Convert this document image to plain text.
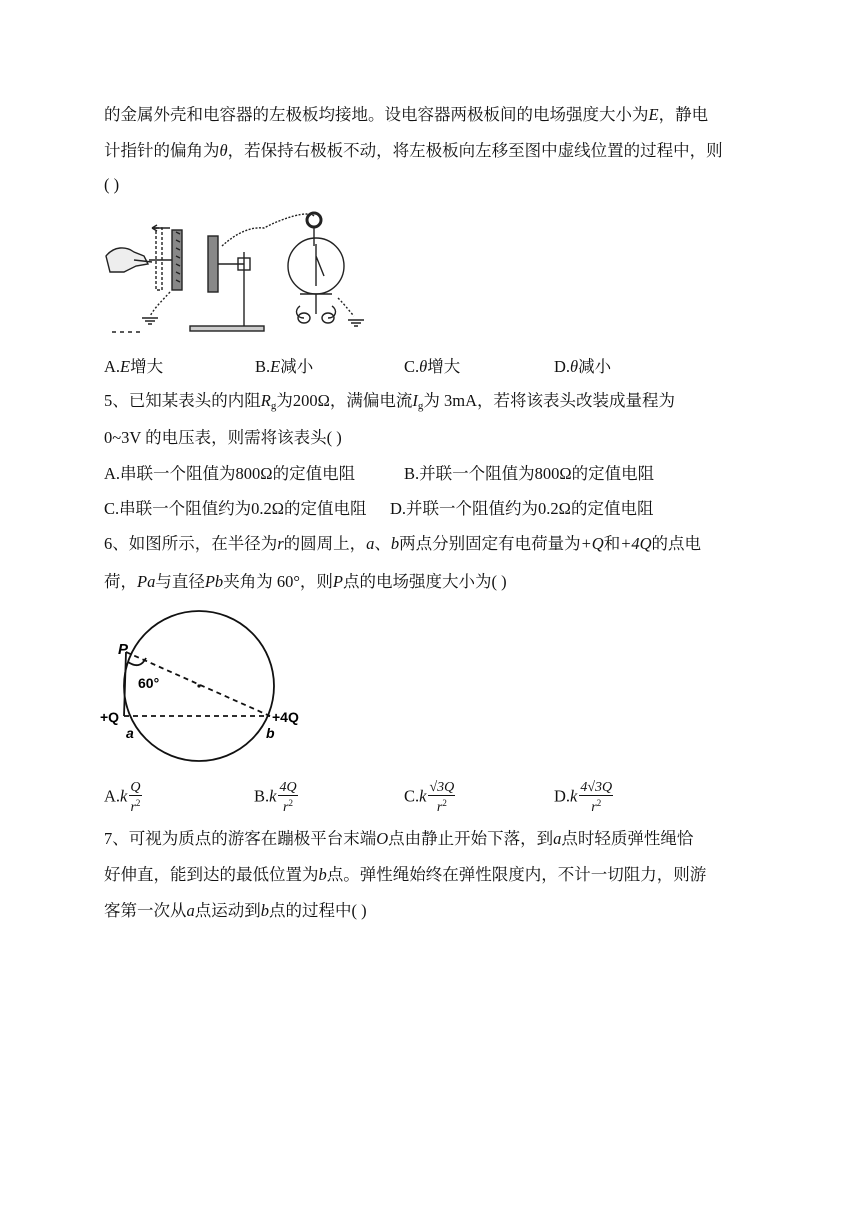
的金属外壳和电容器的左极板均接地。设电容器两极板间的电场强度大小为E，静电
计指针的偏角为θ，若保持右极板不动，将左极板向左移至图中虚线位置的过程中，则
( )
A.E增大	B.E减小	C.θ增大	D.θ减小
5、已知某表头的内阻$R_g$为200Ω，满偏电流$I_g$为 3mA，若将该表头改装成量程为
0~3V 的电压表，则需将该表头( )
A.串联一个阻值为800Ω的定值电阻	B.并联一个阻值为800Ω的定值电阻
C.串联一个阻值约为0.2Ω的定值电阻 D.并联一个阻值约为0.2Ω的定值电阻
6、如图所示，在半径为r的圆周上，a、b两点分别固定有电荷量为+Q和+4Q的点电
荷，Pa与直径Pb夹角为 60°，则P点的电场强度大小为( )
P
60°
+Q	+4Q
a	b
$A.k \frac{Q}{r^2}$	$B.k \frac{4Q}{r^2}$	$C.k \frac{√3Q}{r^2}$	$D.k \frac{4√3Q}{r^2}$
7、可视为质点的游客在蹦极平台末端O点由静止开始下落，到a点时轻质弹性绳恰
好伸直，能到达的最低位置为b点。弹性绳始终在弹性限度内，不计一切阻力，则游
客第一次从a点运动到b点的过程中( )
